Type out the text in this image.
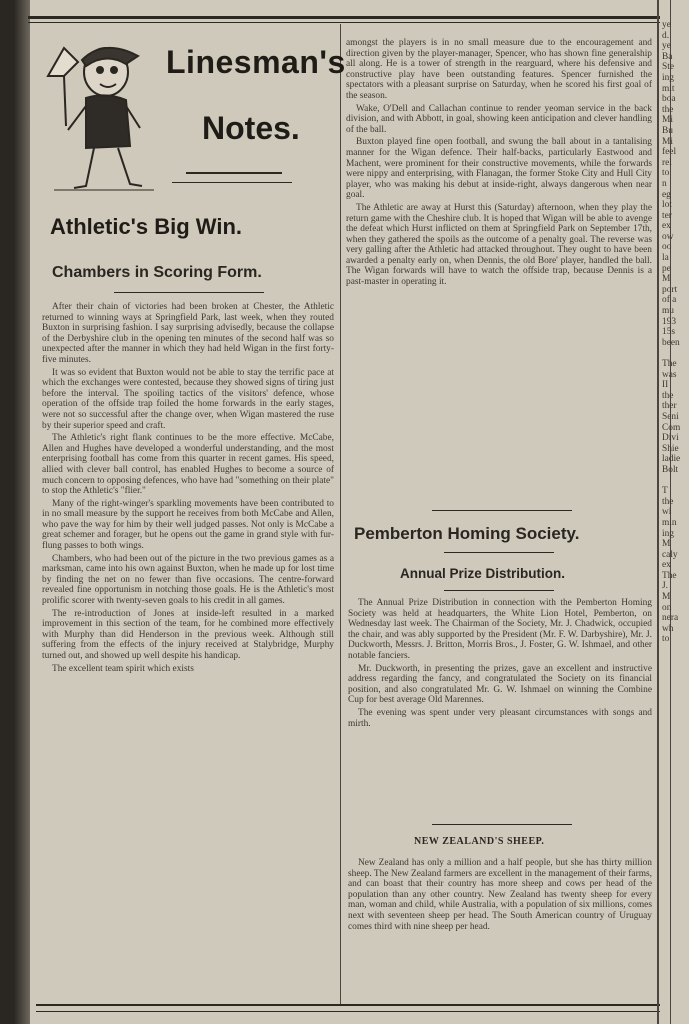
Linesman's
Notes.
Athletic's Big Win.
Chambers in Scoring Form.

After their chain of victories had been broken at Chester, the Athletic returned to winning ways at Springfield Park, last week, when they routed Buxton in surprising fashion. I say surprising advisedly, because the collapse of the Derbyshire club in the opening ten minutes of the second half was so unexpected after the manner in which they had held Wigan in the first forty-five minutes.

It was so evident that Buxton would not be able to stay the terrific pace at which the exchanges were contested, because they showed signs of tiring just before the interval. The spoiling tactics of the visitors' defence, whose operation of the offside trap foiled the home forwards in the early stages, were not so successful after the change over, when Wigan mastered the ruse by their superior speed and craft.

The Athletic's right flank continues to be the more effective. McCabe, Allen and Hughes have developed a wonderful understanding, and the most enterprising football has come from this quarter in recent games. His speed, allied with clever ball control, has enabled Hughes to become a source of much concern to opposing defences, who have had "something on their plate" to stop the Athletic's "flier."

Many of the right-winger's sparkling movements have been contributed to in no small measure by the support he receives from both McCabe and Allen, who pave the way for him by their well judged passes. Not only is McCabe a great schemer and forager, but he opens out the game in grand style with fur-flung passes to both wings.

Chambers, who had been out of the picture in the two previous games as a marksman, came into his own against Buxton, when he made up for lost time by finding the net on no fewer than five occasions. The centre-forward revealed fine opportunism in notching those goals. He is the Athletic's most prolific scorer with twenty-seven goals to his credit in all games.

The re-introduction of Jones at inside-left resulted in a marked improvement in this section of the team, for he combined more effectively with Murphy than did Henderson in the previous week. Although still suffering from the effects of the injury received at Stalybridge, Murphy turned out, and showed up well despite his handicap.

The excellent team spirit which exists

amongst the players is in no small measure due to the encouragement and direction given by the player-manager, Spencer, who has shown fine generalship all along. He is a tower of strength in the rearguard, where his defensive and constructive play have been outstanding features. Spencer furnished the spectators with a pleasant surprise on Saturday, when he scored his first goal of the season.

Wake, O'Dell and Callachan continue to render yeoman service in the back division, and with Abbott, in goal, showing keen anticipation and clever handling of the ball.

Buxton played fine open football, and swung the ball about in a tantalising manner for the Wigan defence. Their half-backs, particularly Eastwood and Machent, were prominent for their constructive movements, while the forwards were nippy and enterprising, with Flanagan, the former Stoke City and Hull City player, who was making his debut at inside-right, always dangerous when near goal.

The Athletic are away at Hurst this (Saturday) afternoon, when they play the return game with the Cheshire club. It is hoped that Wigan will be able to avenge the defeat which Hurst inflicted on them at Springfield Park on September 17th, when they gathered the spoils as the outcome of a penalty goal. The reverse was very galling after the Athletic had attacked throughout. They ought to have been awarded a penalty early on, when Dennis, the old Bore' player, handled the ball. The Wigan forwards will have to watch the offside trap, because Dennis is a past-master in operating it.

Pemberton Homing Society.
Annual Prize Distribution.

The Annual Prize Distribution in connection with the Pemberton Homing Society was held at headquarters, the White Lion Hotel, Pemberton, on Wednesday last week. The Chairman of the Society, Mr. J. Chadwick, occupied the chair, and was ably supported by the President (Mr. F. W. Darbyshire), Mr. J. Duckworth, Messrs. J. Britton, Morris Bros., J. Foster, G. W. Ishmael, and other notable fanciers.

Mr. Duckworth, in presenting the prizes, gave an excellent and instructive address regarding the fancy, and congratulated the Society on its financial position, and also congratulated Mr. G. W. Ishmael on winning the Combine Cup for best average Old Marennes.

The evening was spent under very pleasant circumstances with songs and mirth.

NEW ZEALAND'S SHEEP.

New Zealand has only a million and a half people, but she has thirty million sheep. The New Zealand farmers are excellent in the management of their farms, and can boast that their country has more sheep and cows per head of the population than any other country. New Zealand has twenty sheep for every man, woman and child, while Australia, with a population of six millions, comes next with seventeen sheep per head. The South American country of Uruguay comes third with nine sheep per head.

ye
d.
ye
Ba
Ste
ing
mit
boa
the
Mi
Bu
Mi
feel
rel
to
n
eg
lot
ter
ex
ow
oo
la
pe
M
port
of a
mu
193
15s
been

The
was
II
the
ther
Seni
Com
Divi
Shie
ladie
Bolt

T
the
wi
min
ing
M
caly
ex
The
J.
M
on
nera
wh
to
